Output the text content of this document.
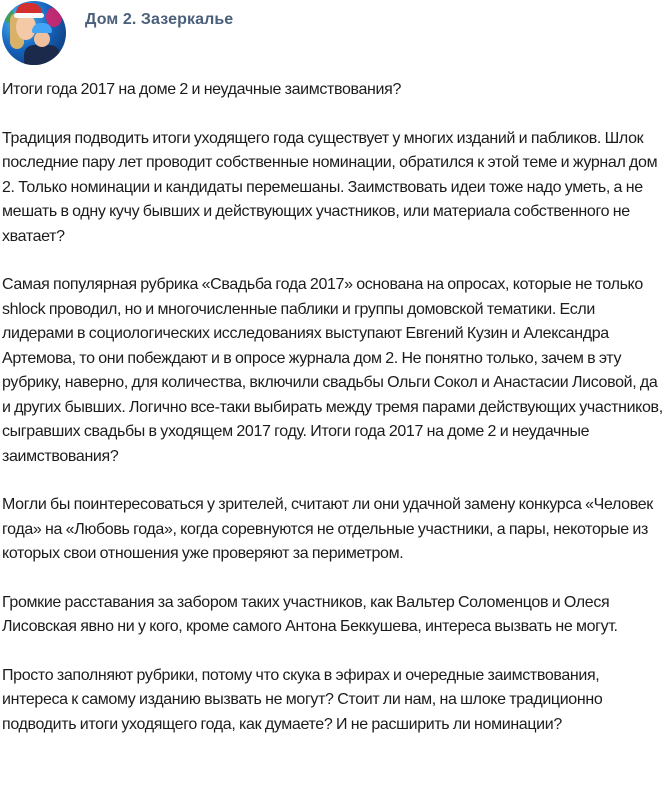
Дом 2. Зазеркалье

Итоги года 2017 на доме 2 и неудачные заимствования?

Традиция подводить итоги уходящего года существует у многих изданий и пабликов. Шлок последние пару лет проводит собственные номинации, обратился к этой теме и журнал дом 2. Только номинации и кандидаты перемешаны. Заимствовать идеи тоже надо уметь, а не мешать в одну кучу бывших и действующих участников, или материала собственного не хватает?

Самая популярная рубрика «Свадьба года 2017» основана на опросах, которые не только shlock проводил, но и многочисленные паблики и группы домовской тематики. Если лидерами в социологических исследованиях выступают Евгений Кузин и Александра Артемова, то они побеждают и в опросе журнала дом 2. Не понятно только, зачем в эту рубрику, наверно, для количества, включили свадьбы Ольги Сокол и Анастасии Лисовой, да и других бывших. Логично все-таки выбирать между тремя парами действующих участников, сыгравших свадьбы в уходящем 2017 году. Итоги года 2017 на доме 2 и неудачные заимствования?

Могли бы поинтересоваться у зрителей, считают ли они удачной замену конкурса «Человек года» на «Любовь года», когда соревнуются не отдельные участники, а пары, некоторые из которых свои отношения уже проверяют за периметром.

Громкие расставания за забором таких участников, как Вальтер Соломенцов и Олеся Лисовская явно ни у кого, кроме самого Антона Беккушева, интереса вызвать не могут.

Просто заполняют рубрики, потому что скука в эфирах и очередные заимствования, интереса к самому изданию вызвать не могут? Стоит ли нам, на шлоке традиционно подводить итоги уходящего года, как думаете? И не расширить ли номинации?
